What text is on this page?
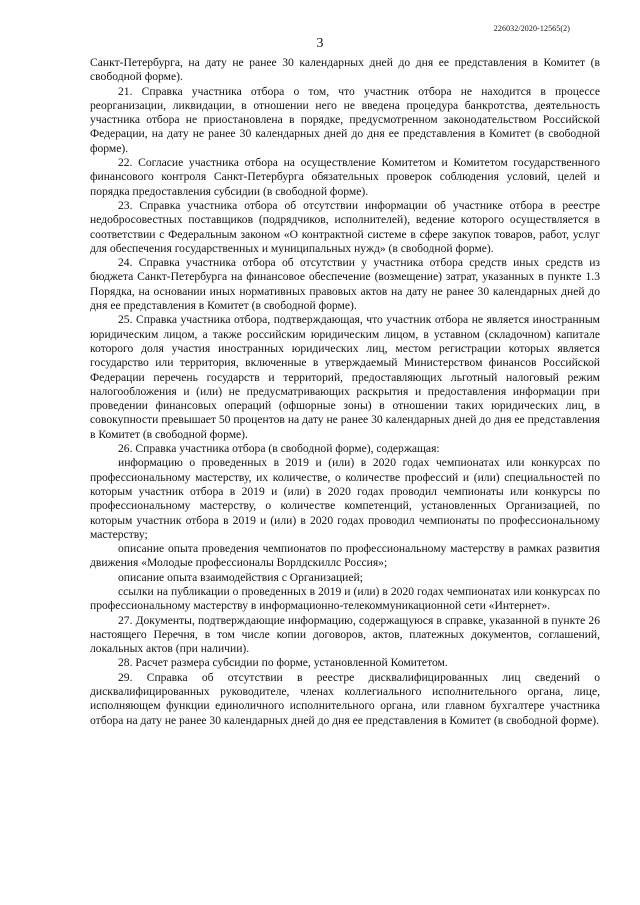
226032/2020-12565(2)
3

Санкт-Петербурга, на дату не ранее 30 календарных дней до дня ее представления в Комитет (в свободной форме).

21. Справка участника отбора о том, что участник отбора не находится в процессе реорганизации, ликвидации, в отношении него не введена процедура банкротства, деятельность участника отбора не приостановлена в порядке, предусмотренном законодательством Российской Федерации, на дату не ранее 30 календарных дней до дня ее представления в Комитет (в свободной форме).

22. Согласие участника отбора на осуществление Комитетом и Комитетом государственного финансового контроля Санкт-Петербурга обязательных проверок соблюдения условий, целей и порядка предоставления субсидии (в свободной форме).

23. Справка участника отбора об отсутствии информации об участнике отбора в реестре недобросовестных поставщиков (подрядчиков, исполнителей), ведение которого осуществляется в соответствии с Федеральным законом «О контрактной системе в сфере закупок товаров, работ, услуг для обеспечения государственных и муниципальных нужд» (в свободной форме).

24. Справка участника отбора об отсутствии у участника отбора средств иных средств из бюджета Санкт-Петербурга на финансовое обеспечение (возмещение) затрат, указанных в пункте 1.3 Порядка, на основании иных нормативных правовых актов на дату не ранее 30 календарных дней до дня ее представления в Комитет (в свободной форме).

25. Справка участника отбора, подтверждающая, что участник отбора не является иностранным юридическим лицом, а также российским юридическим лицом, в уставном (складочном) капитале которого доля участия иностранных юридических лиц, местом регистрации которых является государство или территория, включенные в утверждаемый Министерством финансов Российской Федерации перечень государств и территорий, предоставляющих льготный налоговый режим налогообложения и (или) не предусматривающих раскрытия и предоставления информации при проведении финансовых операций (офшорные зоны) в отношении таких юридических лиц, в совокупности превышает 50 процентов на дату не ранее 30 календарных дней до дня ее представления в Комитет (в свободной форме).

26. Справка участника отбора (в свободной форме), содержащая:

информацию о проведенных в 2019 и (или) в 2020 годах чемпионатах или конкурсах по профессиональному мастерству, их количестве, о количестве профессий и (или) специальностей по которым участник отбора в 2019 и (или) в 2020 годах проводил чемпионаты или конкурсы по профессиональному мастерству, о количестве компетенций, установленных Организацией, по которым участник отбора в 2019 и (или) в 2020 годах проводил чемпионаты по профессиональному мастерству;

описание опыта проведения чемпионатов по профессиональному мастерству в рамках развития движения «Молодые профессионалы Ворлдскиллс Россия»;

описание опыта взаимодействия с Организацией;

ссылки на публикации о проведенных в 2019 и (или) в 2020 годах чемпионатах или конкурсах по профессиональному мастерству в информационно-телекоммуникационной сети «Интернет».

27. Документы, подтверждающие информацию, содержащуюся в справке, указанной в пункте 26 настоящего Перечня, в том числе копии договоров, актов, платежных документов, соглашений, локальных актов (при наличии).

28. Расчет размера субсидии по форме, установленной Комитетом.

29. Справка об отсутствии в реестре дисквалифицированных лиц сведений о дисквалифицированных руководителе, членах коллегиального исполнительного органа, лице, исполняющем функции единоличного исполнительного органа, или главном бухгалтере участника отбора на дату не ранее 30 календарных дней до дня ее представления в Комитет (в свободной форме).
